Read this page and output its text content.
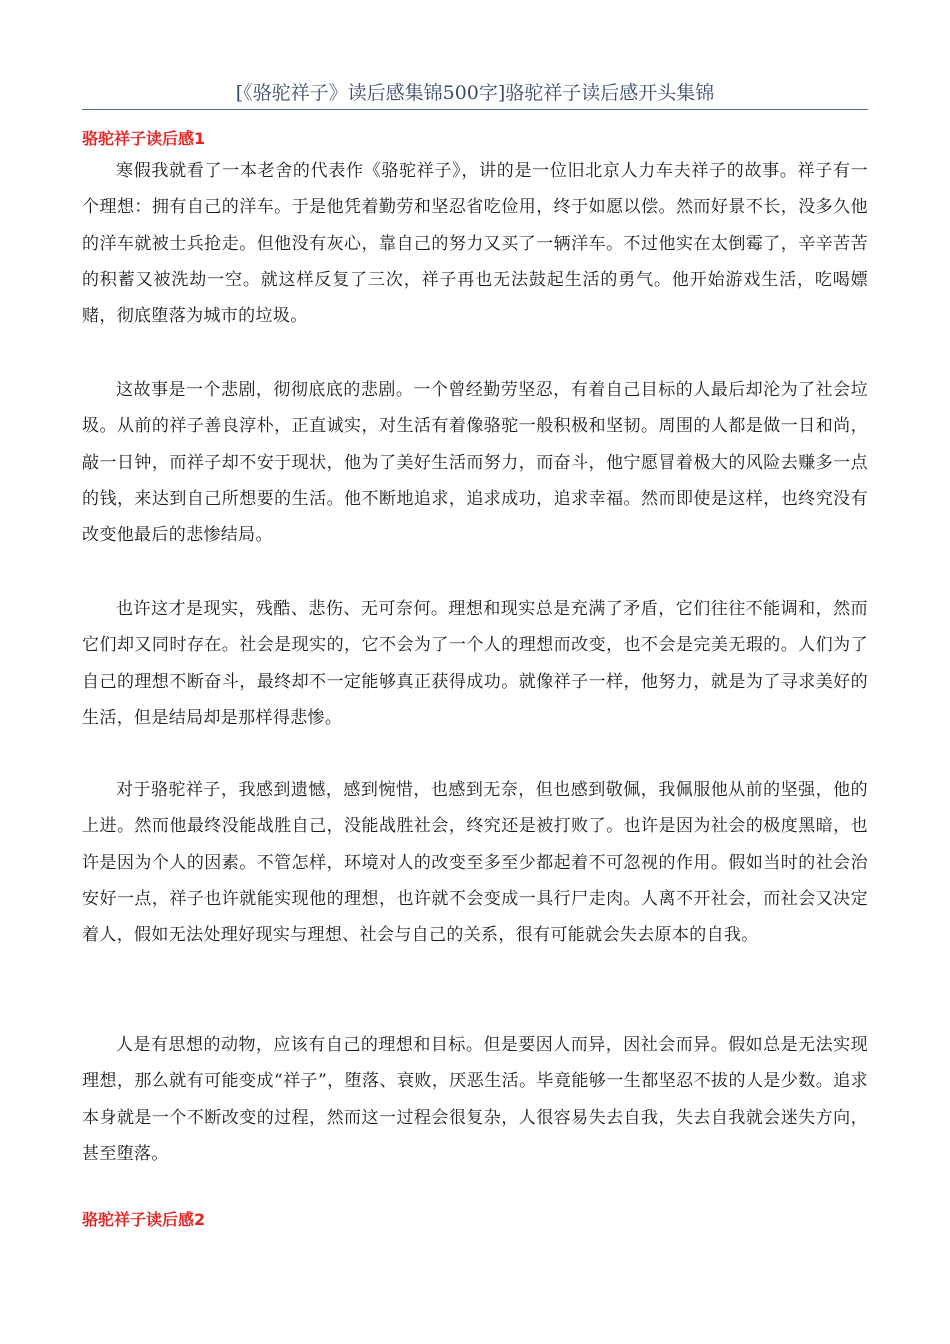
[《骆驼祥子》读后感集锦500字]骆驼祥子读后感开头集锦
骆驼祥子读后感1

寒假我就看了一本老舍的代表作《骆驼祥子》，讲的是一位旧北京人力车夫祥子的故事。祥子有一个理想：拥有自己的洋车。于是他凭着勤劳和坚忍省吃俭用，终于如愿以偿。然而好景不长，没多久他的洋车就被士兵抢走。但他没有灰心，靠自己的努力又买了一辆洋车。不过他实在太倒霉了，辛辛苦苦的积蓄又被洗劫一空。就这样反复了三次，祥子再也无法鼓起生活的勇气。他开始游戏生活，吃喝嫖赌，彻底堕落为城市的垃圾。

这故事是一个悲剧，彻彻底底的悲剧。一个曾经勤劳坚忍，有着自己目标的人最后却沦为了社会垃圾。从前的祥子善良淳朴，正直诚实，对生活有着像骆驼一般积极和坚韧。周围的人都是做一日和尚，敲一日钟，而祥子却不安于现状，他为了美好生活而努力，而奋斗，他宁愿冒着极大的风险去赚多一点的钱，来达到自己所想要的生活。他不断地追求，追求成功，追求幸福。然而即使是这样，也终究没有改变他最后的悲惨结局。

也许这才是现实，残酷、悲伤、无可奈何。理想和现实总是充满了矛盾，它们往往不能调和，然而它们却又同时存在。社会是现实的，它不会为了一个人的理想而改变，也不会是完美无瑕的。人们为了自己的理想不断奋斗，最终却不一定能够真正获得成功。就像祥子一样，他努力，就是为了寻求美好的生活，但是结局却是那样得悲惨。

对于骆驼祥子，我感到遗憾，感到惋惜，也感到无奈，但也感到敬佩，我佩服他从前的坚强，他的上进。然而他最终没能战胜自己，没能战胜社会，终究还是被打败了。也许是因为社会的极度黑暗，也许是因为个人的因素。不管怎样，环境对人的改变至多至少都起着不可忽视的作用。假如当时的社会治安好一点，祥子也许就能实现他的理想，也许就不会变成一具行尸走肉。人离不开社会，而社会又决定着人，假如无法处理好现实与理想、社会与自己的关系，很有可能就会失去原本的自我。

人是有思想的动物，应该有自己的理想和目标。但是要因人而异，因社会而异。假如总是无法实现理想，那么就有可能变成“祥子”，堕落、衰败，厌恶生活。毕竟能够一生都坚忍不拔的人是少数。追求本身就是一个不断改变的过程，然而这一过程会很复杂，人很容易失去自我，失去自我就会迷失方向，甚至堕落。

骆驼祥子读后感2
